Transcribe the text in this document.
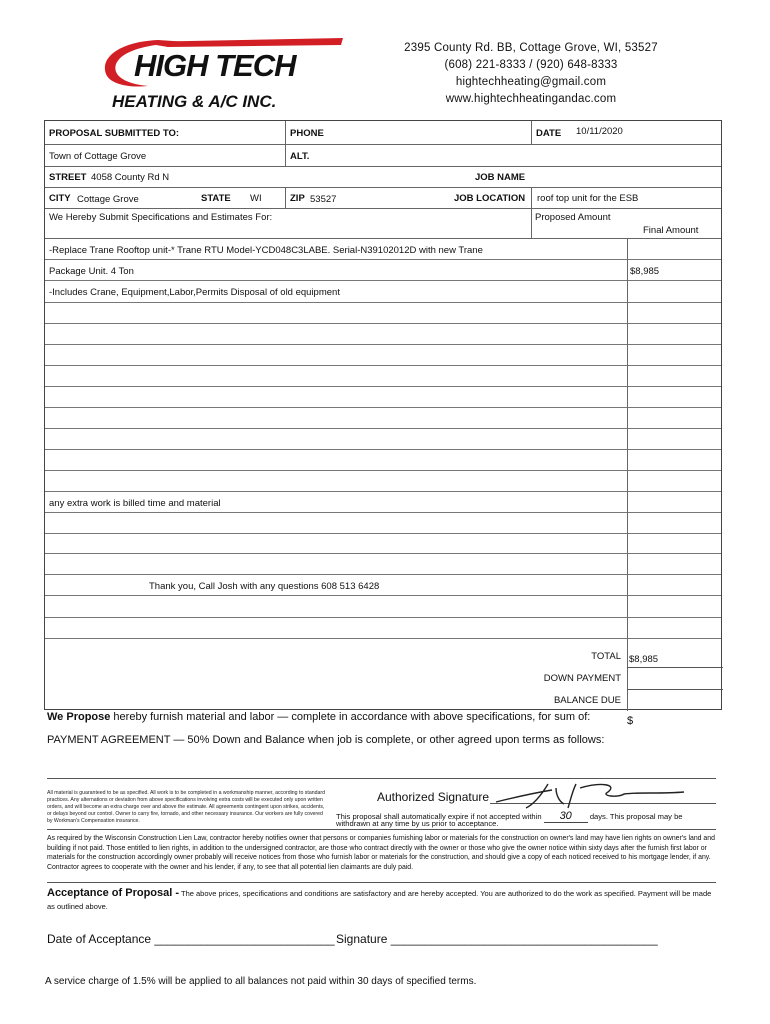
HIGH TECH
HEATING & A/C INC.
2395 County Rd. BB, Cottage Grove, WI, 53527
(608) 221-8333 / (920) 648-8333
hightechheating@gmail.com
www.hightechheatingandac.com
PROPOSAL SUBMITTED TO:	PHONE	DATE 10/11/2020
Town of Cottage Grove	ALT.
STREET 4058 County Rd N	JOB NAME
CITY Cottage Grove	STATE WI	ZIP 53527	JOB LOCATION roof top unit for the ESB
We Hereby Submit Specifications and Estimates For:	Proposed Amount
Final Amount
-Replace Trane Rooftop unit-* Trane RTU Model-YCD048C3LABE. Serial-N39102012D with new Trane
Package Unit. 4 Ton	$8,985
-Includes Crane, Equipment,Labor,Permits Disposal of old equipment
any extra work is billed time and material
Thank you, Call Josh with any questions 608 513 6428
TOTAL $8,985
DOWN PAYMENT
BALANCE DUE
We Propose hereby furnish material and labor — complete in accordance with above specifications, for sum of:	$
PAYMENT AGREEMENT — 50% Down and Balance when job is complete, or other agreed upon terms as follows:
All material is guaranteed to be as specified. All work is to be completed in a workmanship manner, according to standard practices. Any alternations or deviation from above specifications involving extra costs will be executed only upon written orders, and will become an extra charge over and above the estimate. All agreements contingent upon strikes, accidents, or delays beyond our control. Owner to carry fire, tornado, and other necessary insurance. Our workers are fully covered by Workman's Compensation insurance.
Authorized Signature
This proposal shall automatically expire if not accepted within 30 days. This proposal may be
withdrawn at any time by us prior to acceptance.
As required by the Wisconsin Construction Lien Law, contractor hereby notifies owner that persons or companies furnishing labor or materials for the construction on owner's land may have lien rights on owner's land and building if not paid. Those entitled to lien rights, in addition to the undersigned contractor, are those who contract directly with the owner or those who give the owner notice within sixty days after the furnish first labor or materials for the construction accordingly owner probably will receive notices from those who furnish labor or materials for the construction, and should give a copy of each noticed received to his mortgage lender, if any. Contractor agrees to cooperate with the owner and his lender, if any, to see that all potential lien claimants are duly paid.
Acceptance of Proposal - The above prices, specifications and conditions are satisfactory and are hereby accepted. You are authorized to do the work as specified. Payment will be made as outlined above.
Date of Acceptance ___________________________ Signature ________________________________________
A service charge of 1.5% will be applied to all balances not paid within 30 days of specified terms.
